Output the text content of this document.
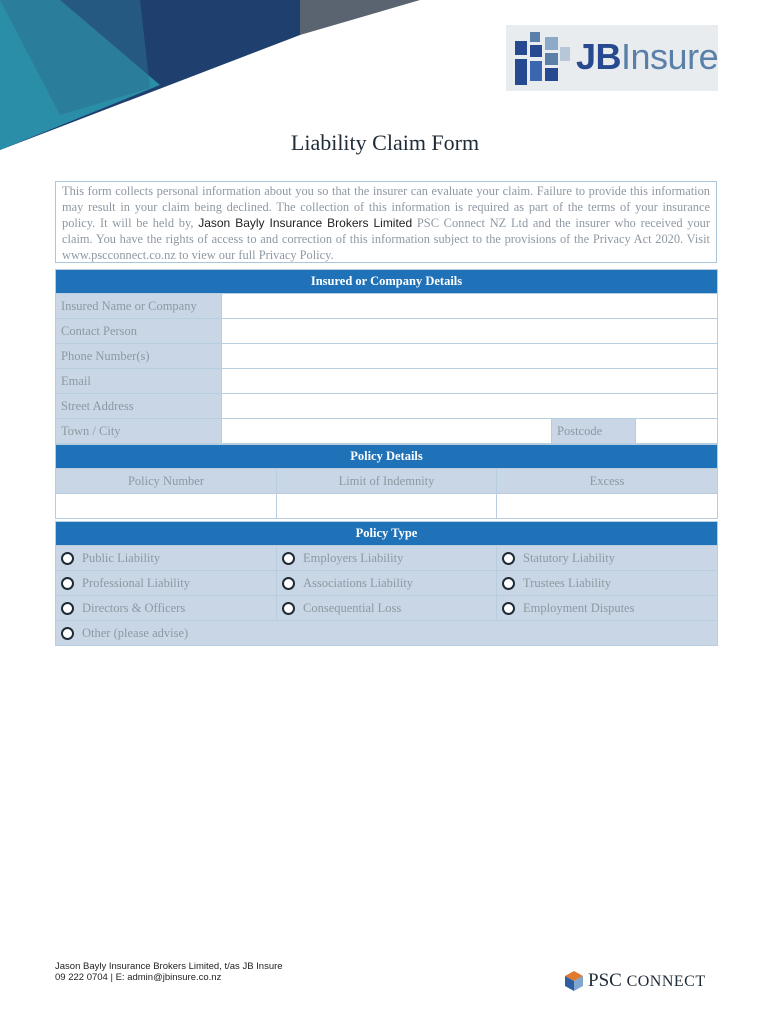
JBInsure
Liability Claim Form
This form collects personal information about you so that the insurer can evaluate your claim. Failure to provide this information may result in your claim being declined. The collection of this information is required as part of the terms of your insurance policy. It will be held by, Jason Bayly Insurance Brokers Limited PSC Connect NZ Ltd and the insurer who received your claim. You have the rights of access to and correction of this information subject to the provisions of the Privacy Act 2020. Visit www.pscconnect.co.nz to view our full Privacy Policy.
Insured or Company Details
Insured Name or Company
Contact Person
Phone Number(s)
Email
Street Address
Town / City	Postcode
Policy Details
Policy Number	Limit of Indemnity	Excess
Policy Type
Public Liability	Employers Liability	Statutory Liability
Professional Liability	Associations Liability	Trustees Liability
Directors & Officers	Consequential Loss	Employment Disputes
Other (please advise)
Jason Bayly Insurance Brokers Limited, t/as JB Insure
09 222 0704 | E: admin@jbinsure.co.nz	PSC CONNECT
